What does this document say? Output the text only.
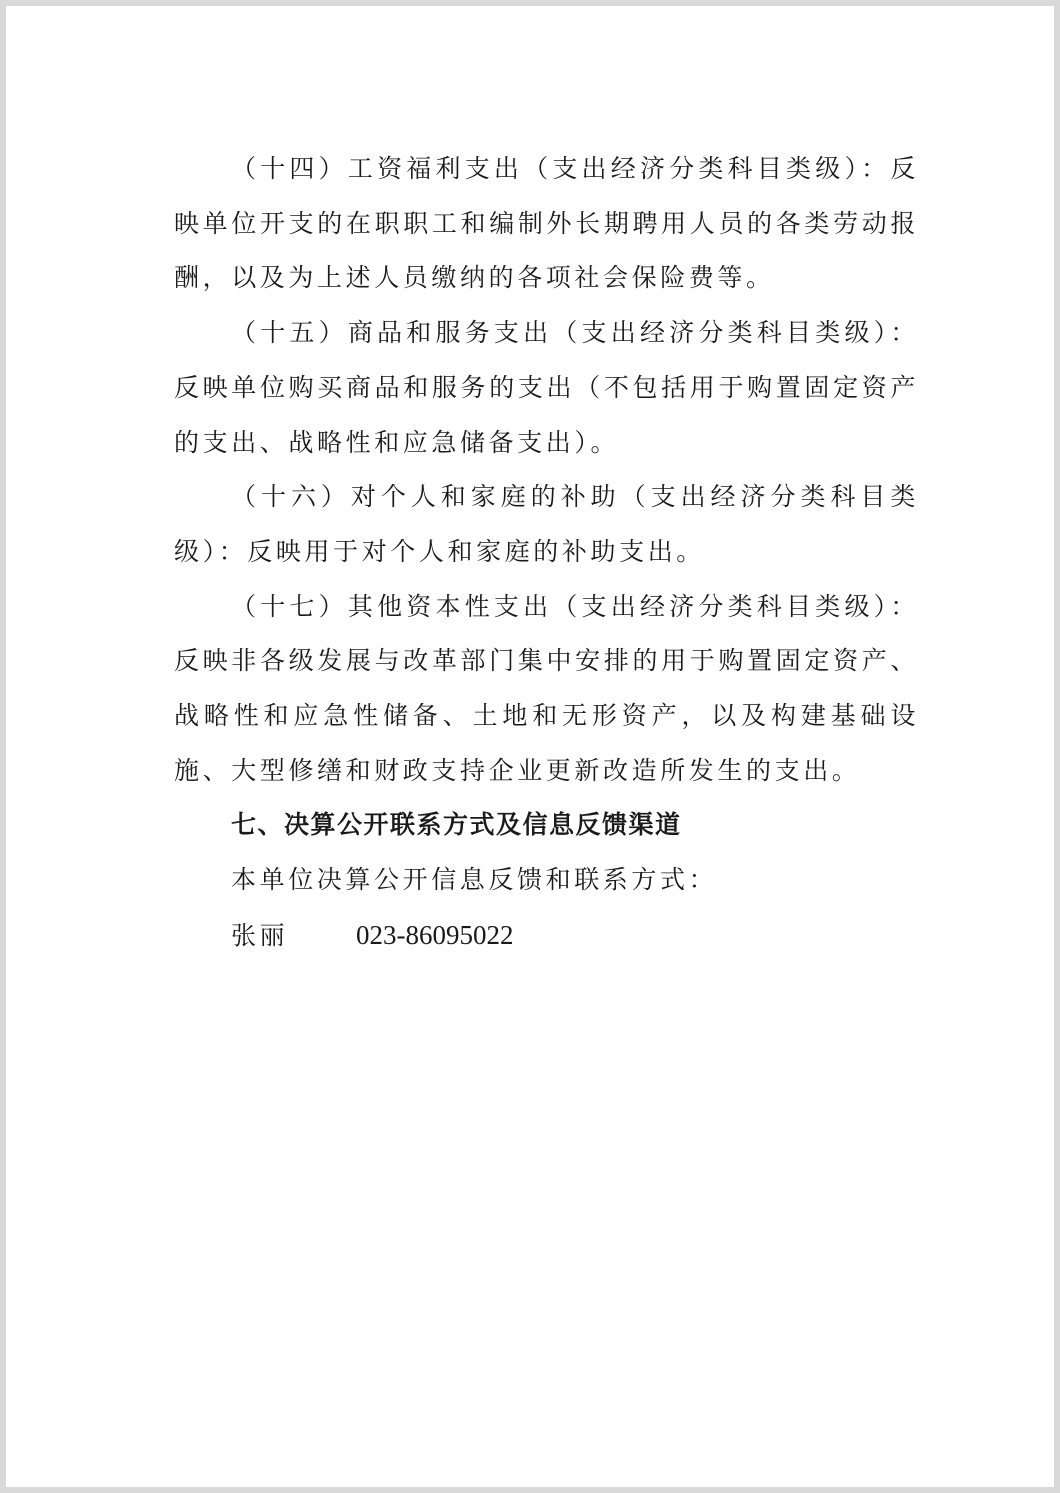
（十四）工资福利支出（支出经济分类科目类级）：反映单位开支的在职职工和编制外长期聘用人员的各类劳动报酬，以及为上述人员缴纳的各项社会保险费等。

（十五）商品和服务支出（支出经济分类科目类级）：反映单位购买商品和服务的支出（不包括用于购置固定资产的支出、战略性和应急储备支出）。

（十六）对个人和家庭的补助（支出经济分类科目类级）：反映用于对个人和家庭的补助支出。

（十七）其他资本性支出（支出经济分类科目类级）：反映非各级发展与改革部门集中安排的用于购置固定资产、战略性和应急性储备、土地和无形资产，以及构建基础设施、大型修缮和财政支持企业更新改造所发生的支出。

七、决算公开联系方式及信息反馈渠道

本单位决算公开信息反馈和联系方式：

张丽	023-86095022
